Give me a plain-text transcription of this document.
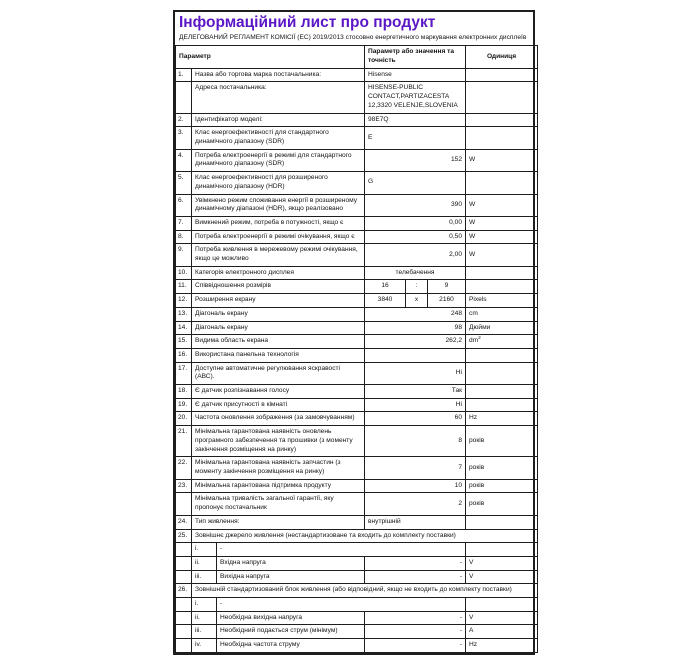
Інформаційний лист про продукт

ДЕЛЕГОВАНИЙ РЕГЛАМЕНТ КОМІСІЇ (ЕС) 2019/2013 стосовно енергетичного маркування електронних дисплеїв

Параметр			Параметр або значення та точність			Одиниця
1.	Назва або торгова марка постачальника:		Hisense			
	Адреса постачальника:		HISENSE-PUBLIC CONTACT,PARTIZACESTA 12,3320 VELENJE,SLOVENIA			
2.	Ідентифікатор моделі:		98E7Q			
3.	Клас енергоефективності для стандартного динамічного діапазону (SDR)		E			
4.	Потреба електроенергії в режимі для стандартного динамічного діапазону (SDR)		152			W
5.	Клас енергоефективності для розширеного динамічного діапазону (HDR)		G			
6.	Увімкнено режим споживання енергії в розширеному динамічному діапазоні (HDR), якщо реалізовано		390			W
7.	Вимкнений режим, потреба в потужності, якщо є		0,00			W
8.	Потреба електроенергії в режимі очікування, якщо є		0,50			W
9.	Потреба живлення в мережевому режимі очікування, якщо це можливо		2,00			W
10.	Категорія електронного дисплея		телебачення			
11.	Співвідношення розмірів		16	:	9	
12.	Розширення екрану		3840	x	2160	Pixels
13.	Діагональ екрану		248			cm
14.	Діагональ екрану		98			Дюйми
15.	Видима область екрана		262,2			$dm^2$
16.	Використана панельна технологія					
17.	Доступне автоматичне регулювання яскравості (АВС).		Ні			
18.	Є датчик розпізнавання голосу		Так			
19.	Є датчик присутності в кімнаті		Ні			
20.	Частота оновлення зображення (за замовчуванням)		60			Hz
21.	Мінімальна гарантована наявність оновлень програмного забезпечення та прошивки (з моменту закінчення розміщення на ринку)		8			років
22.	Мінімальна гарантована наявність запчастин (з моменту закінчення розміщення на ринку)		7			років
23.	Мінімальна гарантована підтримка продукту		10			років
	Мінімальна тривалість загальної гарантії, яку пропонує постачальник		2			років
24.	Тип живлення:		внутрішній			
25.	Зовнішнє джерело живлення (нестандартизоване та входить до комплекту поставки)					
	i.	-				
	ii.	Вхідна напруга	-			V
	iii.	Вихідна напруга	-			V
26.	Зовнішній стандартизований блок живлення (або відповідний, якщо не входить до комплекту поставки)					
	i.	-				
	ii.	Необхідна вихідна напруга	-			V
	iii.	Необхідний подається струм (мінімум)	-			A
	iv.	Необхідна частота струму	-			Hz
